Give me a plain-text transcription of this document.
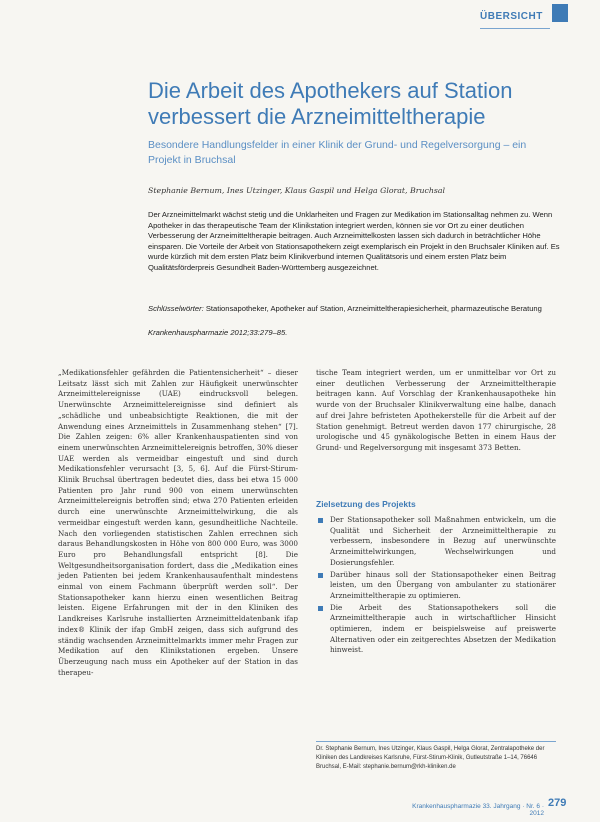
ÜBERSICHT
Die Arbeit des Apothekers auf Station verbessert die Arzneimitteltherapie

Besondere Handlungsfelder in einer Klinik der Grund- und Regelversorgung – ein Projekt in Bruchsal

Stephanie Bernum, Ines Utzinger, Klaus Gaspil und Helga Glorat, Bruchsal

Der Arzneimittelmarkt wächst stetig und die Unklarheiten und Fragen zur Medikation im Stationsalltag nehmen zu. Wenn Apotheker in das therapeutische Team der Klinikstation integriert werden, können sie vor Ort zu einer deutlichen Verbesserung der Arzneimitteltherapie beitragen. Auch Arzneimittelkosten lassen sich dadurch in beträchtlicher Höhe einsparen. Die Vorteile der Arbeit von Stationsapothekern zeigt exemplarisch ein Projekt in den Bruchsaler Kliniken auf. Es wurde kürzlich mit dem ersten Platz beim Klinikverbund internen Qualitätsoris und einem ersten Platz beim Qualitätsförderpreis Gesundheit Baden-Württemberg ausgezeichnet.

Schlüsselwörter: Stationsapotheker, Apotheker auf Station, Arzneimitteltherapiesicherheit, pharmazeutische Beratung

Krankenhauspharmazie 2012;33:279–85.

„Medikationsfehler gefährden die Patientensicherheit“ – dieser Leitsatz lässt sich mit Zahlen zur Häufigkeit unerwünschter Arzneimittelereignisse (UAE) eindrucksvoll belegen. Unerwünschte Arzneimittelereignisse sind definiert als „schädliche und unbeabsichtigte Reaktionen, die mit der Anwendung eines Arzneimittels in Zusammenhang stehen“ [7]. Die Zahlen zeigen: 6% aller Krankenhauspatienten sind von einem unerwünschten Arzneimittelereignis betroffen, 30% dieser UAE werden als vermeidbar eingestuft und sind durch Medikationsfehler verursacht [3, 5, 6]. Auf die Fürst-Stirum-Klinik Bruchsal übertragen bedeutet dies, dass bei etwa 15 000 Patienten pro Jahr rund 900 von einem unerwünschten Arzneimittelereignis betroffen sind; etwa 270 Patienten erleiden durch eine unerwünschte Arzneimittelwirkung, die als vermeidbar eingestuft werden kann, gesundheitliche Nachteile. Nach den vorliegenden statistischen Zahlen errechnen sich daraus Behandlungskosten in Höhe von 800 000 Euro, was 3000 Euro pro Behandlungsfall entspricht [8]. Die Weltgesundheitsorganisation fordert, dass die „Medikation eines jeden Patienten bei jedem Krankenhausaufenthalt mindestens einmal von einem Fachmann überprüft werden soll“. Der Stationsapotheker kann hierzu einen wesentlichen Beitrag leisten. Eigene Erfahrungen mit der in den Kliniken des Landkreises Karlsruhe installierten Arzneimitteldatenbank ifap index® Klinik der ifap GmbH zeigen, dass sich aufgrund des ständig wachsenden Arzneimittelmarkts immer mehr Fragen zur Medikation auf den Klinikstationen ergeben. Unsere Überzeugung nach muss ein Apotheker auf der Station in das therapeu-

tische Team integriert werden, um er unmittelbar vor Ort zu einer deutlichen Verbesserung der Arzneimitteltherapie beitragen kann. Auf Vorschlag der Krankenhausapotheke hin wurde von der Bruchsaler Klinikverwaltung eine halbe, danach auf drei Jahre befristeten Apothekerstelle für die Arbeit auf der Station genehmigt. Betreut werden davon 177 chirurgische, 28 urologische und 45 gynäkologische Betten in einem Haus der Grund- und Regelversorgung mit insgesamt 373 Betten.

Zielsetzung des Projekts
Der Stationsapotheker soll Maßnahmen entwickeln, um die Qualität und Sicherheit der Arzneimitteltherapie zu verbessern, insbesondere in Bezug auf unerwünschte Arzneimittelwirkungen, Wechselwirkungen und Dosierungsfehler.
Darüber hinaus soll der Stationsapotheker einen Beitrag leisten, um den Übergang von ambulanter zu stationärer Arzneimitteltherapie zu optimieren.
Die Arbeit des Stationsapothekers soll die Arzneimitteltherapie auch in wirtschaftlicher Hinsicht optimieren, indem er beispielsweise auf preiswerte Alternativen oder ein zeitgerechtes Absetzen der Medikation hinweist.

Dr. Stephanie Bernum, Ines Utzinger, Klaus Gaspil, Helga Glorat, Zentralapotheke der Kliniken des Landkreises Karlsruhe, Fürst-Stirum-Klinik, Gutleutstraße 1–14, 76646 Bruchsal, E-Mail: stephanie.bernum@rkh-kliniken.de

Krankenhauspharmazie 33. Jahrgang · Nr. 6 · 2012

279
